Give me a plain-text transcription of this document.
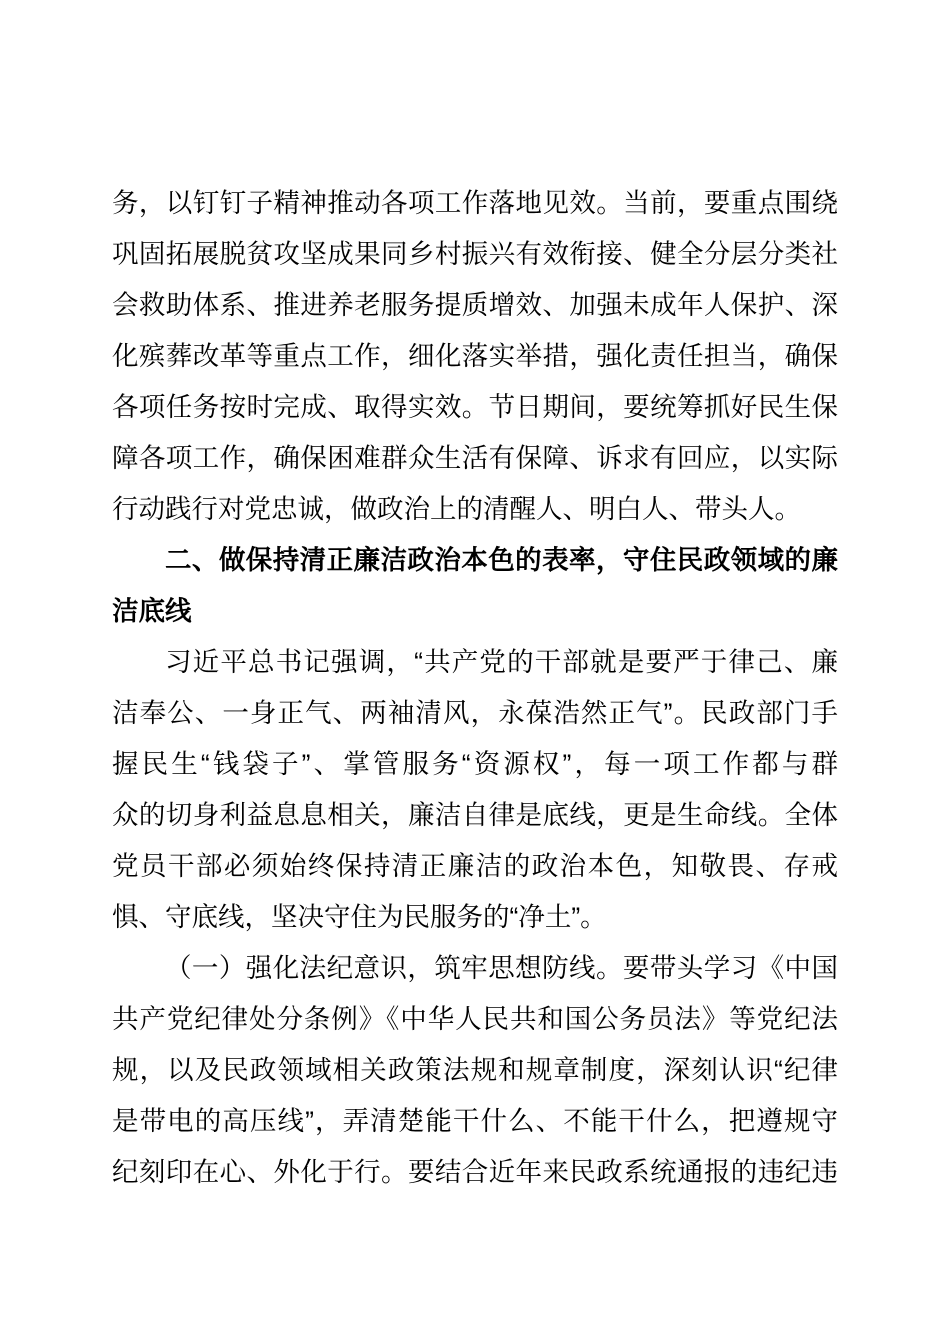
务，以钉钉子精神推动各项工作落地见效。当前，要重点围绕
巩固拓展脱贫攻坚成果同乡村振兴有效衔接、健全分层分类社
会救助体系、推进养老服务提质增效、加强未成年人保护、深
化殡葬改革等重点工作，细化落实举措，强化责任担当，确保
各项任务按时完成、取得实效。节日期间，要统筹抓好民生保
障各项工作，确保困难群众生活有保障、诉求有回应，以实际
行动践行对党忠诚，做政治上的清醒人、明白人、带头人。
二、做保持清正廉洁政治本色的表率，守住民政领域的廉
洁底线
习近平总书记强调，“共产党的干部就是要严于律己、廉
洁奉公、一身正气、两袖清风，永葆浩然正气”。民政部门手
握民生“钱袋子”、掌管服务“资源权”，每一项工作都与群
众的切身利益息息相关，廉洁自律是底线，更是生命线。全体
党员干部必须始终保持清正廉洁的政治本色，知敬畏、存戒
惧、守底线，坚决守住为民服务的“净土”。
（一）强化法纪意识，筑牢思想防线。要带头学习《中国
共产党纪律处分条例》《中华人民共和国公务员法》等党纪法
规，以及民政领域相关政策法规和规章制度，深刻认识“纪律
是带电的高压线”，弄清楚能干什么、不能干什么，把遵规守
纪刻印在心、外化于行。要结合近年来民政系统通报的违纪违
